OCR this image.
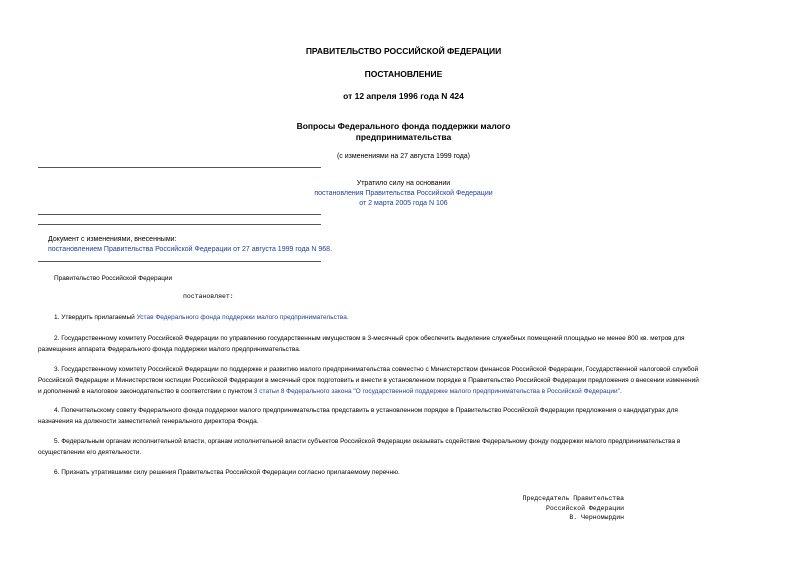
ПРАВИТЕЛЬСТВО РОССИЙСКОЙ ФЕДЕРАЦИИ
ПОСТАНОВЛЕНИЕ
от 12 апреля 1996 года N 424
Вопросы Федерального фонда поддержки малого
предпринимательства
(с изменениями на 27 августа 1999 года)
Утратило силу на основании
постановления Правительства Российской Федерации
от 2 марта 2005 года N 106
Документ с изменениями, внесенными:
постановлением Правительства Российской Федерации от 27 августа 1999 года N 968.
Правительство Российской Федерации
постановляет:
1. Утвердить прилагаемый Устав Федерального фонда поддержки малого предпринимательства.
2. Государственному комитету Российской Федерации по управлению государственным имуществом в 3-месячный срок обеспечить выделение служебных помещений площадью не менее 800 кв. метров для
размещения аппарата Федерального фонда поддержки малого предпринимательства.
3. Государственному комитету Российской Федерации по поддержке и развитию малого предпринимательства совместно с Министерством финансов Российской Федерации, Государственной налоговой службой
Российской Федерации и Министерством юстиции Российской Федерации в месячный срок подготовить и внести в установленном порядке в Правительство Российской Федерации предложения о внесении изменений
и дополнений в налоговое законодательство в соответствии с пунктом 3 статьи 8 Федерального закона "О государственной поддержке малого предпринимательства в Российской Федерации".
4. Попечительскому совету Федерального фонда поддержки малого предпринимательства представить в установленном порядке в Правительство Российской Федерации предложения о кандидатурах для
назначения на должности заместителей генерального директора Фонда.
5. Федеральным органам исполнительной власти, органам исполнительной власти субъектов Российской Федерации оказывать содействие Федеральному фонду поддержки малого предпринимательства в
осуществлении его деятельности.
6. Признать утратившими силу решения Правительства Российской Федерации согласно прилагаемому перечню.
Председатель Правительства
Российской Федерации
В. Черномырдин
